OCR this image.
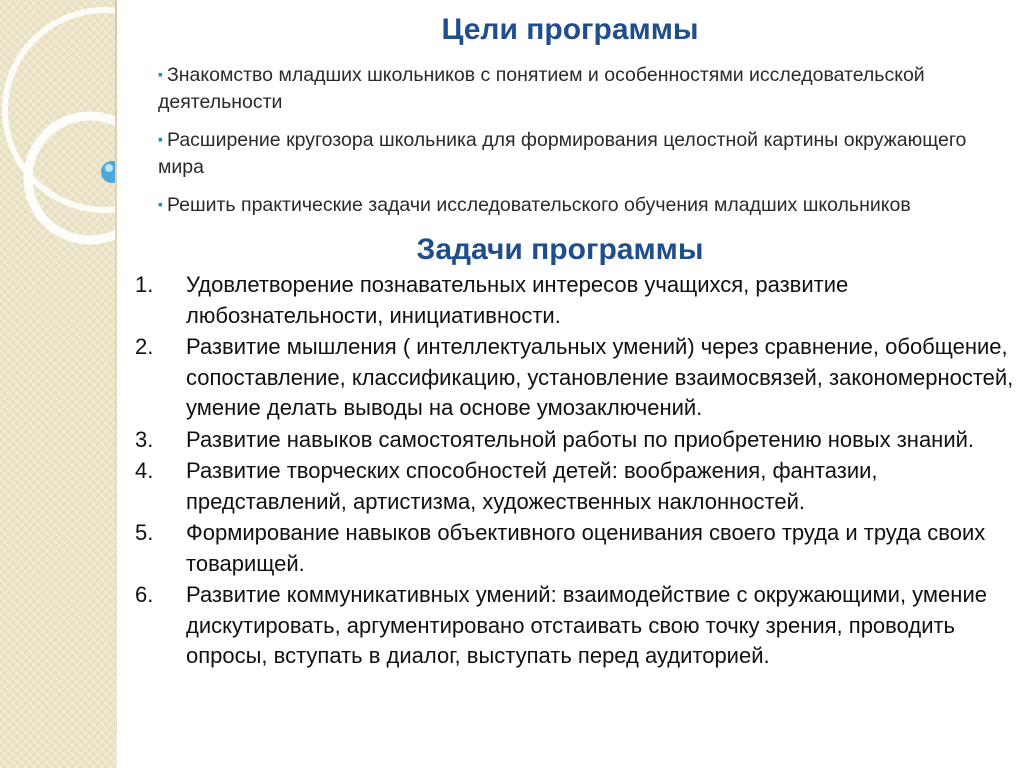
Цели программы
▪ Знакомство младших школьников с понятием и особенностями исследовательской деятельности
▪ Расширение кругозора школьника для формирования целостной картины окружающего мира
▪ Решить практические задачи исследовательского обучения младших школьников
Задачи программы
1. Удовлетворение познавательных интересов учащихся, развитие любознательности, инициативности.
2. Развитие мышления ( интеллектуальных умений) через сравнение, обобщение, сопоставление, классификацию, установление взаимосвязей, закономерностей, умение делать выводы на основе умозаключений.
3. Развитие навыков самостоятельной работы по приобретению новых знаний.
4. Развитие творческих способностей детей: воображения, фантазии, представлений, артистизма, художественных наклонностей.
5. Формирование навыков объективного оценивания своего труда и труда своих товарищей.
6. Развитие коммуникативных умений: взаимодействие с окружающими, умение дискутировать, аргументировано отстаивать свою точку зрения, проводить опросы, вступать в диалог, выступать перед аудиторией.
